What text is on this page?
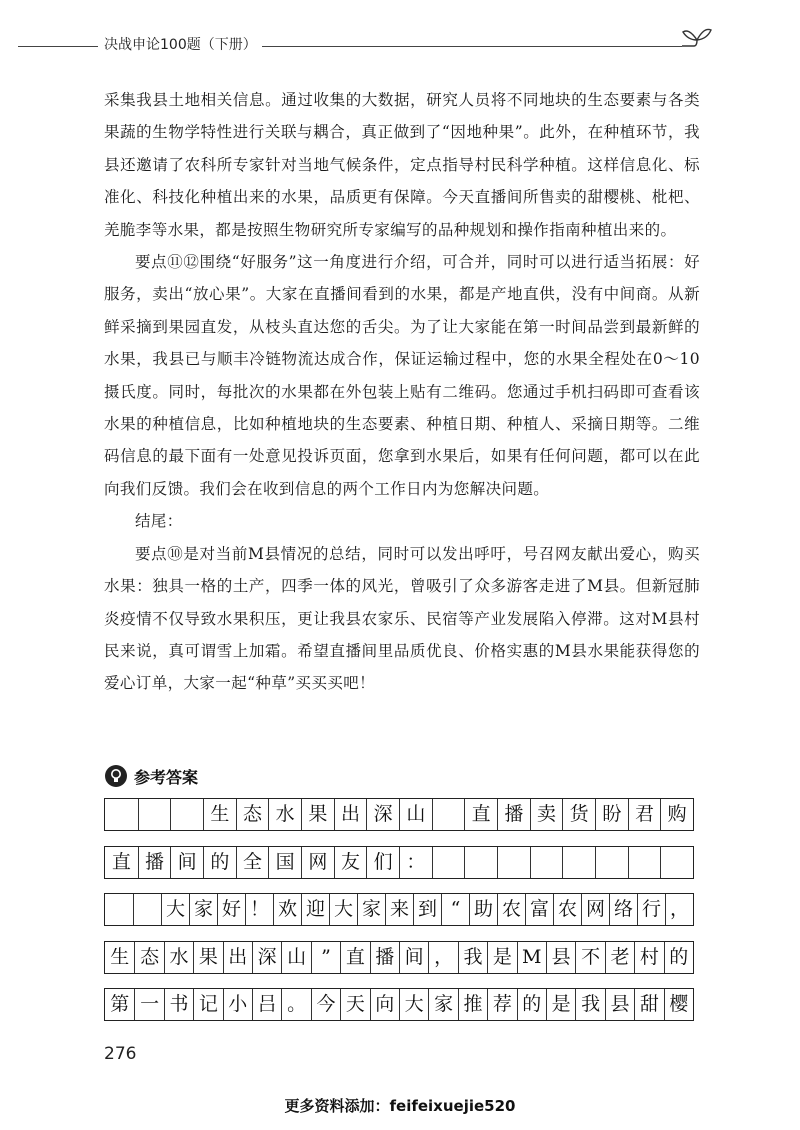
决战申论100题（下册）

采集我县土地相关信息。通过收集的大数据，研究人员将不同地块的生态要素与各类果蔬的生物学特性进行关联与耦合，真正做到了“因地种果”。此外，在种植环节，我县还邀请了农科所专家针对当地气候条件，定点指导村民科学种植。这样信息化、标准化、科技化种植出来的水果，品质更有保障。今天直播间所售卖的甜樱桃、枇杷、羌脆李等水果，都是按照生物研究所专家编写的品种规划和操作指南种植出来的。

要点⑪⑫围绕“好服务”这一角度进行介绍，可合并，同时可以进行适当拓展：好服务，卖出“放心果”。大家在直播间看到的水果，都是产地直供，没有中间商。从新鲜采摘到果园直发，从枝头直达您的舌尖。为了让大家能在第一时间品尝到最新鲜的水果，我县已与顺丰冷链物流达成合作，保证运输过程中，您的水果全程处在0～10摄氏度。同时，每批次的水果都在外包装上贴有二维码。您通过手机扫码即可查看该水果的种植信息，比如种植地块的生态要素、种植日期、种植人、采摘日期等。二维码信息的最下面有一处意见投诉页面，您拿到水果后，如果有任何问题，都可以在此向我们反馈。我们会在收到信息的两个工作日内为您解决问题。

结尾：

要点⑩是对当前M县情况的总结，同时可以发出呼吁，号召网友献出爱心，购买水果：独具一格的土产，四季一体的风光，曾吸引了众多游客走进了M县。但新冠肺炎疫情不仅导致水果积压，更让我县农家乐、民宿等产业发展陷入停滞。这对M县村民来说，真可谓雪上加霜。希望直播间里品质优良、价格实惠的M县水果能获得您的爱心订单，大家一起“种草”买买买吧！

参考答案
生 态 水 果 出 深 山	直 播 卖 货 盼 君 购
直 播 间 的 全 国 网 友 们 ：
大 家 好 ！ 欢 迎 大 家 来 到 “ 助 农 富 农 网 络 行 ，
生 态 水 果 出 深 山 ” 直 播 间 ， 我 是 M 县 不 老 村 的
第 一 书 记 小 吕 。 今 天 向 大 家 推 荐 的 是 我 县 甜 樱
276
更多资料添加：feifeixuejie520
